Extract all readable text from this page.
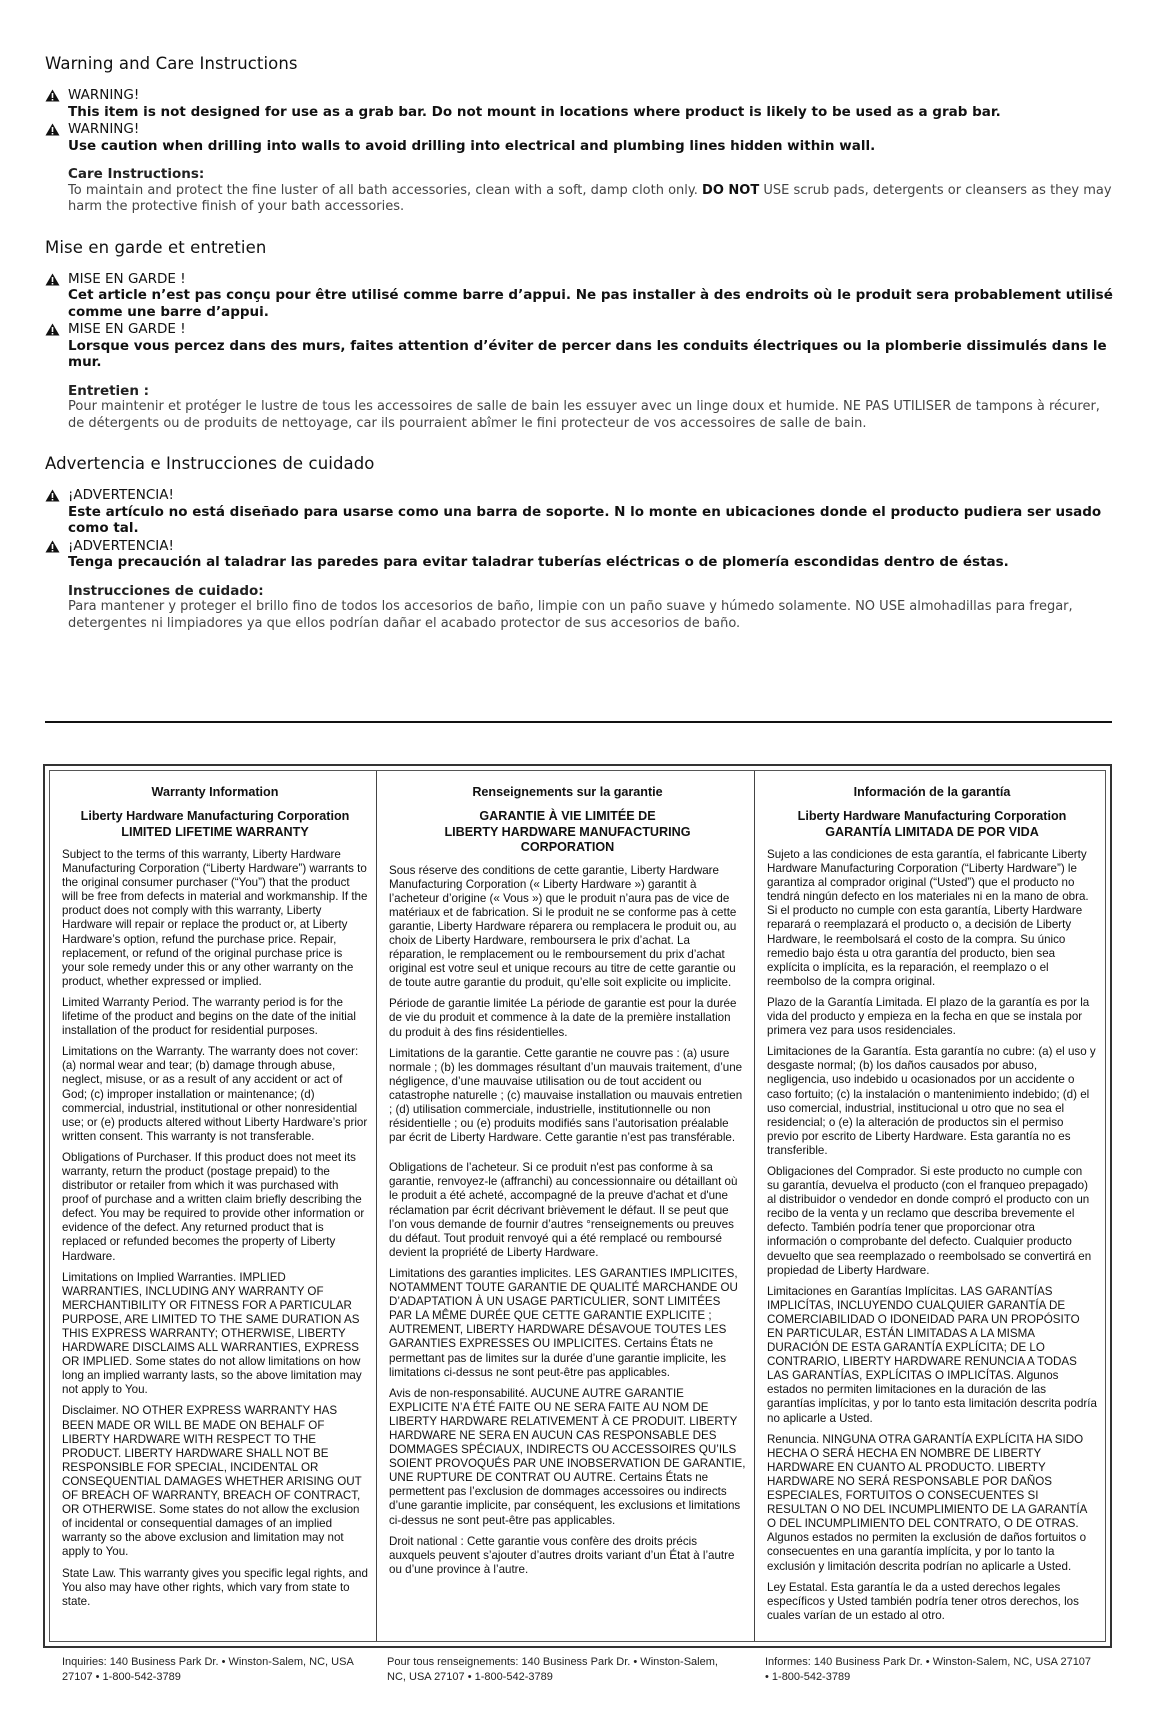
Warning and Care Instructions
WARNING!
This item is not designed for use as a grab bar. Do not mount in locations where product is likely to be used as a grab bar.
WARNING!
Use caution when drilling into walls to avoid drilling into electrical and plumbing lines hidden within wall.
Care Instructions:
To maintain and protect the fine luster of all bath accessories, clean with a soft, damp cloth only. DO NOT USE scrub pads, detergents or cleansers as they may harm the protective finish of your bath accessories.
Mise en garde et entretien
MISE EN GARDE !
Cet article n’est pas conçu pour être utilisé comme barre d’appui. Ne pas installer à des endroits où le produit sera probablement utilisé comme une barre d’appui.
MISE EN GARDE !
Lorsque vous percez dans des murs, faites attention d’éviter de percer dans les conduits électriques ou la plomberie dissimulés dans le mur.
Entretien :
Pour maintenir et protéger le lustre de tous les accessoires de salle de bain les essuyer avec un linge doux et humide. NE PAS UTILISER de tampons à récurer, de détergents ou de produits de nettoyage, car ils pourraient abîmer le fini protecteur de vos accessoires de salle de bain.
Advertencia e Instrucciones de cuidado
¡ADVERTENCIA!
Este artículo no está diseñado para usarse como una barra de soporte. N lo monte en ubicaciones donde el producto pudiera ser usado como tal.
¡ADVERTENCIA!
Tenga precaución al taladrar las paredes para evitar taladrar tuberías eléctricas o de plomería escondidas dentro de éstas.
Instrucciones de cuidado:
Para mantener y proteger el brillo fino de todos los accesorios de baño, limpie con un paño suave y húmedo solamente. NO USE almohadillas para fregar, detergentes ni limpiadores ya que ellos podrían dañar el acabado protector de sus accesorios de baño.
Warranty Information
Liberty Hardware Manufacturing Corporation
LIMITED LIFETIME WARRANTY

Subject to the terms of this warranty, Liberty Hardware Manufacturing Corporation (“Liberty Hardware”) warrants to the original consumer purchaser (“You”) that the product will be free from defects in material and workmanship. If the product does not comply with this warranty, Liberty Hardware will repair or replace the product or, at Liberty Hardware’s option, refund the purchase price. Repair, replacement, or refund of the original purchase price is your sole remedy under this or any other warranty on the product, whether expressed or implied.

Limited Warranty Period. The warranty period is for the lifetime of the product and begins on the date of the initial installation of the product for residential purposes.

Limitations on the Warranty. The warranty does not cover: (a) normal wear and tear; (b) damage through abuse, neglect, misuse, or as a result of any accident or act of God; (c) improper installation or maintenance; (d) commercial, industrial, institutional or other nonresidential use; or (e) products altered without Liberty Hardware’s prior written consent. This warranty is not transferable.

Obligations of Purchaser. If this product does not meet its warranty, return the product (postage prepaid) to the distributor or retailer from which it was purchased with proof of purchase and a written claim briefly describing the defect. You may be required to provide other information or evidence of the defect. Any returned product that is replaced or refunded becomes the property of Liberty Hardware.

Limitations on Implied Warranties. IMPLIED WARRANTIES, INCLUDING ANY WARRANTY OF MERCHANTIBILITY OR FITNESS FOR A PARTICULAR PURPOSE, ARE LIMITED TO THE SAME DURATION AS THIS EXPRESS WARRANTY; OTHERWISE, LIBERTY HARDWARE DISCLAIMS ALL WARRANTIES, EXPRESS OR IMPLIED. Some states do not allow limitations on how long an implied warranty lasts, so the above limitation may not apply to You.

Disclaimer. NO OTHER EXPRESS WARRANTY HAS BEEN MADE OR WILL BE MADE ON BEHALF OF LIBERTY HARDWARE WITH RESPECT TO THE PRODUCT. LIBERTY HARDWARE SHALL NOT BE RESPONSIBLE FOR SPECIAL, INCIDENTAL OR CONSEQUENTIAL DAMAGES WHETHER ARISING OUT OF BREACH OF WARRANTY, BREACH OF CONTRACT, OR OTHERWISE. Some states do not allow the exclusion of incidental or consequential damages of an implied warranty so the above exclusion and limitation may not apply to You.

State Law. This warranty gives you specific legal rights, and You also may have other rights, which vary from state to state.

Renseignements sur la garantie
GARANTIE À VIE LIMITÉE DE
LIBERTY HARDWARE MANUFACTURING
CORPORATION

Sous réserve des conditions de cette garantie, Liberty Hardware Manufacturing Corporation (« Liberty Hardware ») garantit à l’acheteur d’origine (« Vous ») que le produit n’aura pas de vice de matériaux et de fabrication. Si le produit ne se conforme pas à cette garantie, Liberty Hardware réparera ou remplacera le produit ou, au choix de Liberty Hardware, remboursera le prix d’achat. La réparation, le remplacement ou le remboursement du prix d’achat original est votre seul et unique recours au titre de cette garantie ou de toute autre garantie du produit, qu’elle soit explicite ou implicite.

Période de garantie limitée La période de garantie est pour la durée de vie du produit et commence à la date de la première installation du produit à des fins résidentielles.

Limitations de la garantie. Cette garantie ne couvre pas : (a) usure normale ; (b) les dommages résultant d’un mauvais traitement, d’une négligence, d’une mauvaise utilisation ou de tout accident ou catastrophe naturelle ; (c) mauvaise installation ou mauvais entretien ; (d) utilisation commerciale, industrielle, institutionnelle ou non résidentielle ; ou (e) produits modifiés sans l’autorisation préalable par écrit de Liberty Hardware. Cette garantie n’est pas transférable.

Obligations de l’acheteur. Si ce produit n'est pas conforme à sa garantie, renvoyez-le (affranchi) au concessionnaire ou détaillant où le produit a été acheté, accompagné de la preuve d'achat et d'une réclamation par écrit décrivant brièvement le défaut. Il se peut que l’on vous demande de fournir d’autres °renseignements ou preuves du défaut. Tout produit renvoyé qui a été remplacé ou remboursé devient la propriété de Liberty Hardware.

Limitations des garanties implicites. LES GARANTIES IMPLICITES, NOTAMMENT TOUTE GARANTIE DE QUALITÉ MARCHANDE OU D’ADAPTATION À UN USAGE PARTICULIER, SONT LIMITÉES PAR LA MÊME DURÉE QUE CETTE GARANTIE EXPLICITE ; AUTREMENT, LIBERTY HARDWARE DÉSAVOUE TOUTES LES GARANTIES EXPRESSES OU IMPLICITES. Certains États ne permettant pas de limites sur la durée d’une garantie implicite, les limitations ci-dessus ne sont peut-être pas applicables.

Avis de non-responsabilité. AUCUNE AUTRE GARANTIE EXPLICITE N’A ÉTÉ FAITE OU NE SERA FAITE AU NOM DE LIBERTY HARDWARE RELATIVEMENT À CE PRODUIT. LIBERTY HARDWARE NE SERA EN AUCUN CAS RESPONSABLE DES DOMMAGES SPÉCIAUX, INDIRECTS OU ACCESSOIRES QU’ILS SOIENT PROVOQUÉS PAR UNE INOBSERVATION DE GARANTIE, UNE RUPTURE DE CONTRAT OU AUTRE. Certains États ne permettent pas l’exclusion de dommages accessoires ou indirects d’une garantie implicite, par conséquent, les exclusions et limitations ci-dessus ne sont peut-être pas applicables.

Droit national : Cette garantie vous confère des droits précis auxquels peuvent s’ajouter d’autres droits variant d’un État à l’autre ou d’une province à l’autre.

Información de la garantía
Liberty Hardware Manufacturing Corporation
GARANTÍA LIMITADA DE POR VIDA

Sujeto a las condiciones de esta garantía, el fabricante Liberty Hardware Manufacturing Corporation (“Liberty Hardware”) le garantiza al comprador original (“Usted”) que el producto no tendrá ningún defecto en los materiales ni en la mano de obra. Si el producto no cumple con esta garantía, Liberty Hardware reparará o reemplazará el producto o, a decisión de Liberty Hardware, le reembolsará el costo de la compra. Su único remedio bajo ésta u otra garantía del producto, bien sea explícita o implícita, es la reparación, el reemplazo o el reembolso de la compra original.

Plazo de la Garantía Limitada. El plazo de la garantía es por la vida del producto y empieza en la fecha en que se instala por primera vez para usos residenciales.

Limitaciones de la Garantía. Esta garantía no cubre: (a) el uso y desgaste normal; (b) los daños causados por abuso, negligencia, uso indebido u ocasionados por un accidente o caso fortuito; (c) la instalación o mantenimiento indebido; (d) el uso comercial, industrial, institucional u otro que no sea el residencial; o (e) la alteración de productos sin el permiso previo por escrito de Liberty Hardware. Esta garantía no es transferible.

Obligaciones del Comprador. Si este producto no cumple con su garantía, devuelva el producto (con el franqueo prepagado) al distribuidor o vendedor en donde compró el producto con un recibo de la venta y un reclamo que describa brevemente el defecto. También podría tener que proporcionar otra información o comprobante del defecto. Cualquier producto devuelto que sea reemplazado o reembolsado se convertirá en propiedad de Liberty Hardware.

Limitaciones en Garantías Implícitas. LAS GARANTÍAS IMPLICÍTAS, INCLUYENDO CUALQUIER GARANTÍA DE COMERCIABILIDAD O IDONEIDAD PARA UN PROPÓSITO EN PARTICULAR, ESTÁN LIMITADAS A LA MISMA DURACIÓN DE ESTA GARANTÍA EXPLÍCITA; DE LO CONTRARIO, LIBERTY HARDWARE RENUNCIA A TODAS LAS GARANTÍAS, EXPLÍCITAS O IMPLICÍTAS. Algunos estados no permiten limitaciones en la duración de las garantías implícitas, y por lo tanto esta limitación descrita podría no aplicarle a Usted.

Renuncia. NINGUNA OTRA GARANTÍA EXPLÍCITA HA SIDO HECHA O SERÁ HECHA EN NOMBRE DE LIBERTY HARDWARE EN CUANTO AL PRODUCTO. LIBERTY HARDWARE NO SERÁ RESPONSABLE POR DAÑOS ESPECIALES, FORTUITOS O CONSECUENTES SI RESULTAN O NO DEL INCUMPLIMIENTO DE LA GARANTÍA O DEL INCUMPLIMIENTO DEL CONTRATO, O DE OTRAS. Algunos estados no permiten la exclusión de daños fortuitos o consecuentes en una garantía implícita, y por lo tanto la exclusión y limitación descrita podrían no aplicarle a Usted.

Ley Estatal. Esta garantía le da a usted derechos legales específicos y Usted también podría tener otros derechos, los cuales varían de un estado al otro.

Inquiries: 140 Business Park Dr. • Winston-Salem, NC, USA 27107 • 1-800-542-3789
Pour tous renseignements: 140 Business Park Dr. • Winston-Salem, NC, USA 27107 • 1-800-542-3789
Informes: 140 Business Park Dr. • Winston-Salem, NC, USA 27107 • 1-800-542-3789
